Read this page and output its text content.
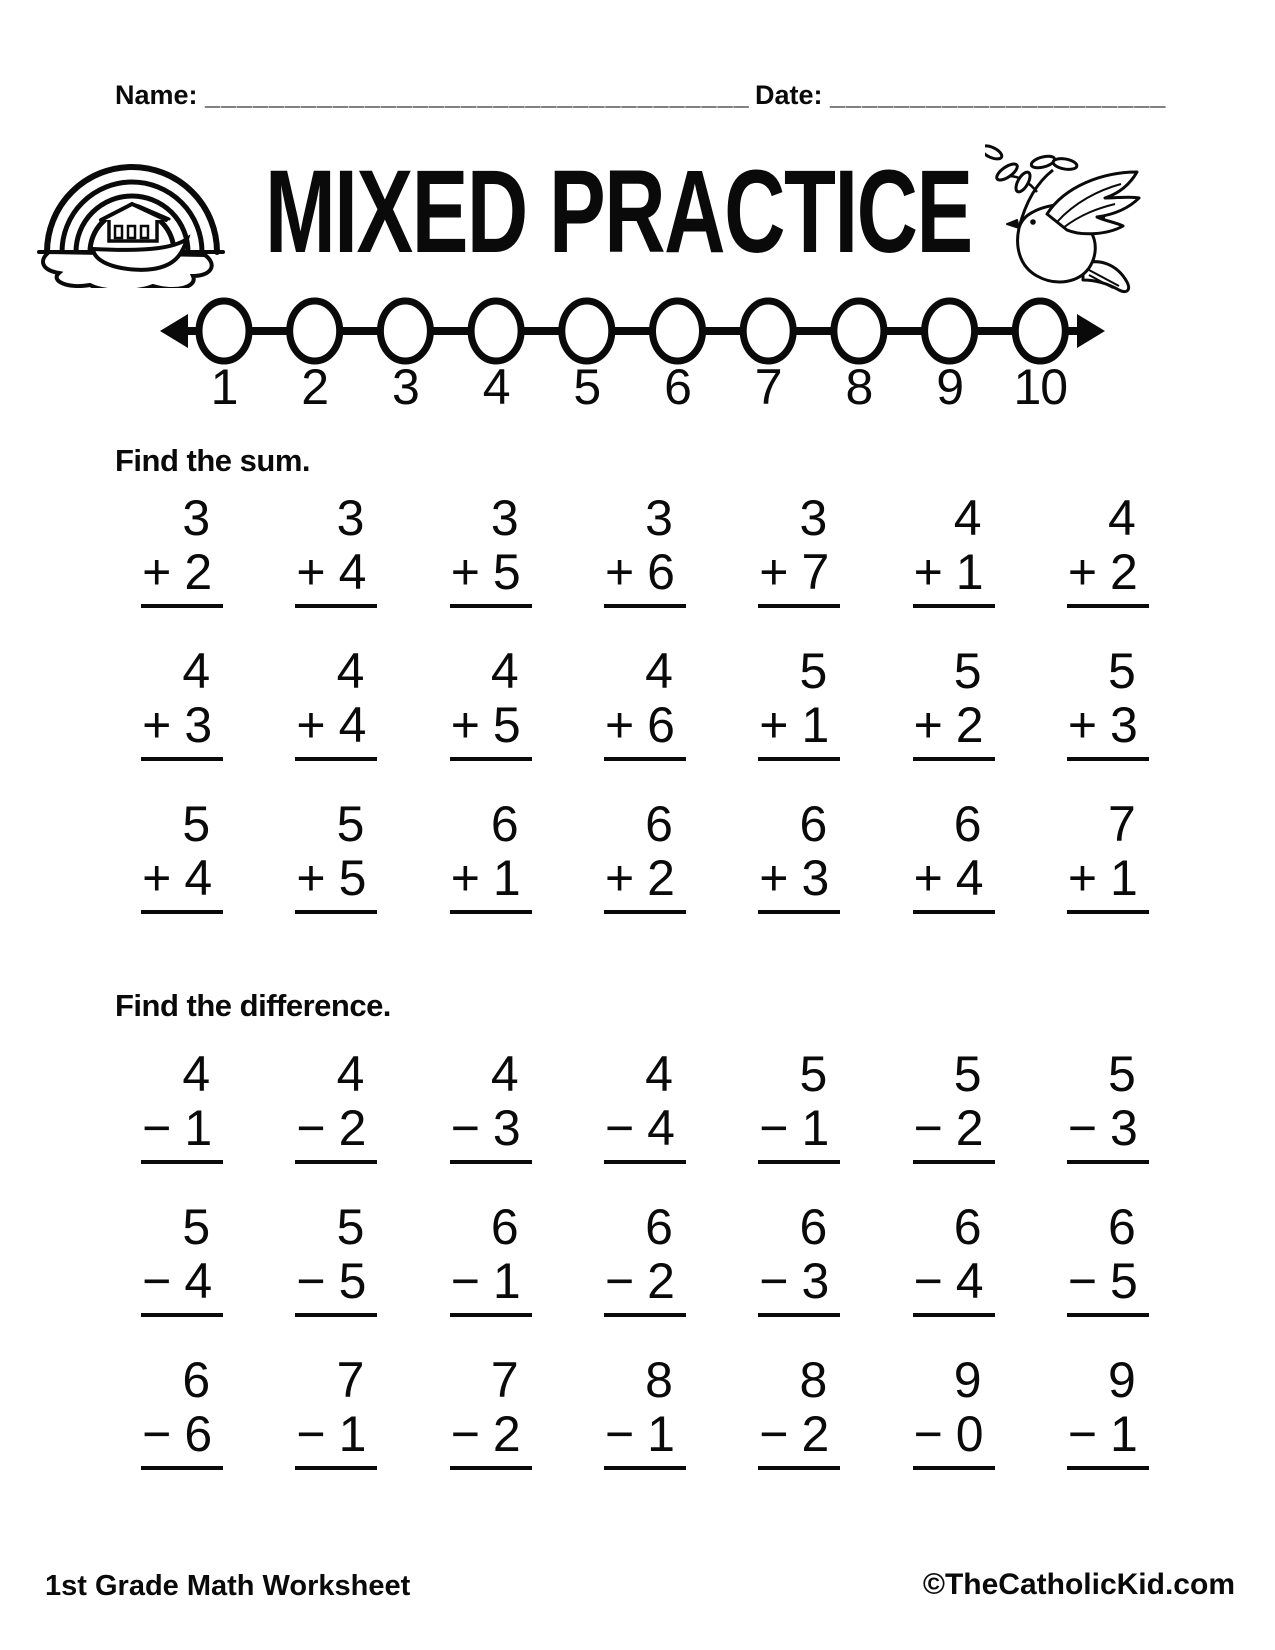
Name: __________________________________ Date: _____________________
MIXED PRACTICE
1 2 3 4 5 6 7 8 9 10
Find the sum.
Find the difference.
3
+ 2
3
+ 4
3
+ 5
3
+ 6
3
+ 7
4
+ 1
4
+ 2
4
+ 3
4
+ 4
4
+ 5
4
+ 6
5
+ 1
5
+ 2
5
+ 3
5
+ 4
5
+ 5
6
+ 1
6
+ 2
6
+ 3
6
+ 4
7
+ 1
4
− 1
4
− 2
4
− 3
4
− 4
5
− 1
5
− 2
5
− 3
5
− 4
5
− 5
6
− 1
6
− 2
6
− 3
6
− 4
6
− 5
6
− 6
7
− 1
7
− 2
8
− 1
8
− 2
9
− 0
9
− 1
1st Grade Math Worksheet	©TheCatholicKid.com
